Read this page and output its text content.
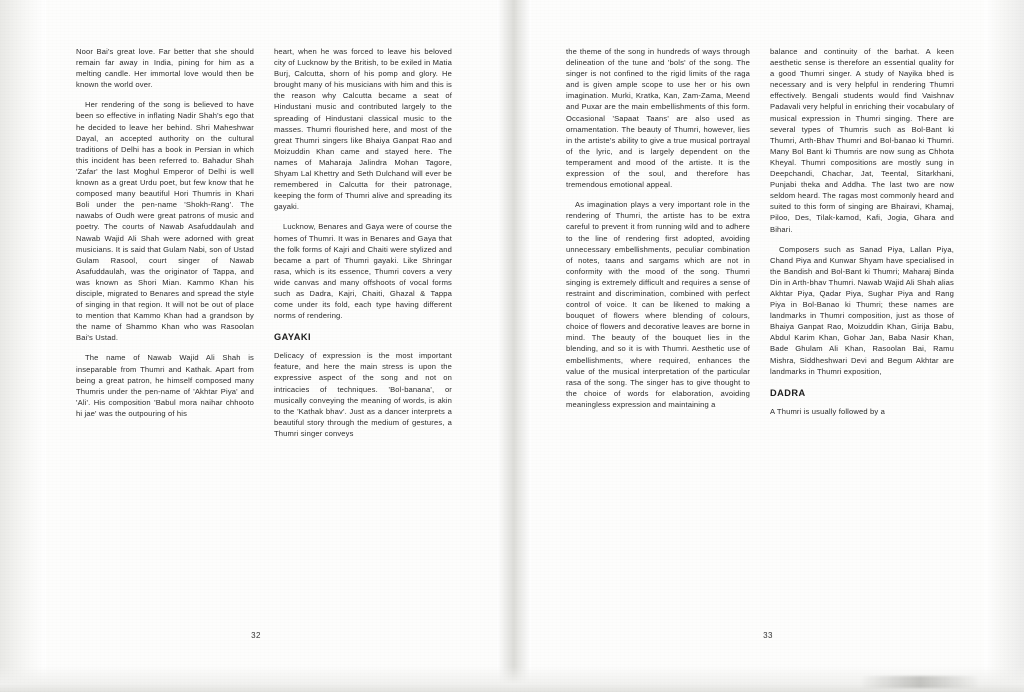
Noor Bai's great love. Far better that she should remain far away in India, pining for him as a melting candle. Her immortal love would then be known the world over.

Her rendering of the song is believed to have been so effective in inflating Nadir Shah's ego that he decided to leave her behind. Shri Maheshwar Dayal, an accepted authority on the cultural traditions of Delhi has a book in Persian in which this incident has been referred to. Bahadur Shah 'Zafar' the last Moghul Emperor of Delhi is well known as a great Urdu poet, but few know that he composed many beautiful Hori Thumris in Khari Boli under the pen-name 'Shokh-Rang'. The nawabs of Oudh were great patrons of music and poetry. The courts of Nawab Asafuddaulah and Nawab Wajid Ali Shah were adorned with great musicians. It is said that Gulam Nabi, son of Ustad Gulam Rasool, court singer of Nawab Asafuddaulah, was the originator of Tappa, and was known as Shori Mian. Kammo Khan his disciple, migrated to Benares and spread the style of singing in that region. It will not be out of place to mention that Kammo Khan had a grandson by the name of Shammo Khan who was Rasoolan Bai's Ustad.

The name of Nawab Wajid Ali Shah is inseparable from Thumri and Kathak. Apart from being a great patron, he himself composed many Thumris under the pen-name of 'Akhtar Piya' and 'Ali'. His composition 'Babul mora naihar chhooto hi jae' was the outpouring of his

heart, when he was forced to leave his beloved city of Lucknow by the British, to be exiled in Matia Burj, Calcutta, shorn of his pomp and glory. He brought many of his musicians with him and this is the reason why Calcutta became a seat of Hindustani music and contributed largely to the spreading of Hindustani classical music to the masses. Thumri flourished here, and most of the great Thumri singers like Bhaiya Ganpat Rao and Moizuddin Khan came and stayed here. The names of Maharaja Jalindra Mohan Tagore, Shyam Lal Khettry and Seth Dulchand will ever be remembered in Calcutta for their patronage, keeping the form of Thumri alive and spreading its gayaki.

Lucknow, Benares and Gaya were of course the homes of Thumri. It was in Benares and Gaya that the folk forms of Kajri and Chaiti were stylized and became a part of Thumri gayaki. Like Shringar rasa, which is its essence, Thumri covers a very wide canvas and many offshoots of vocal forms such as Dadra, Kajri, Chaiti, Ghazal & Tappa come under its fold, each type having different norms of rendering.

GAYAKI

Delicacy of expression is the most important feature, and here the main stress is upon the expressive aspect of the song and not on intricacies of techniques. 'Bol-banana', or musically conveying the meaning of words, is akin to the 'Kathak bhav'. Just as a dancer interprets a beautiful story through the medium of gestures, a Thumri singer conveys

32

the theme of the song in hundreds of ways through delineation of the tune and 'bols' of the song. The singer is not confined to the rigid limits of the raga and is given ample scope to use her or his own imagination. Murki, Kratka, Kan, Zam-Zama, Meend and Puxar are the main embellishments of this form. Occasional 'Sapaat Taans' are also used as ornamentation. The beauty of Thumri, however, lies in the artiste's ability to give a true musical portrayal of the lyric, and is largely dependent on the temperament and mood of the artiste. It is the expression of the soul, and therefore has tremendous emotional appeal.

As imagination plays a very important role in the rendering of Thumri, the artiste has to be extra careful to prevent it from running wild and to adhere to the line of rendering first adopted, avoiding unnecessary embellishments, peculiar combination of notes, taans and sargams which are not in conformity with the mood of the song. Thumri singing is extremely difficult and requires a sense of restraint and discrimination, combined with perfect control of voice. It can be likened to making a bouquet of flowers where blending of colours, choice of flowers and decorative leaves are borne in mind. The beauty of the bouquet lies in the blending, and so it is with Thumri. Aesthetic use of embellishments, where required, enhances the value of the musical interpretation of the particular rasa of the song. The singer has to give thought to the choice of words for elaboration, avoiding meaningless expression and maintaining a

balance and continuity of the barhat. A keen aesthetic sense is therefore an essential quality for a good Thumri singer. A study of Nayika bhed is necessary and is very helpful in rendering Thumri effectively. Bengali students would find Vaishnav Padavali very helpful in enriching their vocabulary of musical expression in Thumri singing. There are several types of Thumris such as Bol-Bant ki Thumri, Arth-Bhav Thumri and Bol-banao ki Thumri. Many Bol Bant ki Thumris are now sung as Chhota Kheyal. Thumri compositions are mostly sung in Deepchandi, Chachar, Jat, Teental, Sitarkhani, Punjabi theka and Addha. The last two are now seldom heard. The ragas most commonly heard and suited to this form of singing are Bhairavi, Khamaj, Piloo, Des, Tilak-kamod, Kafi, Jogia, Ghara and Bihari.

Composers such as Sanad Piya, Lallan Piya, Chand Piya and Kunwar Shyam have specialised in the Bandish and Bol-Bant ki Thumri; Maharaj Binda Din in Arth-bhav Thumri. Nawab Wajid Ali Shah alias Akhtar Piya, Qadar Piya, Sughar Piya and Rang Piya in Bol-Banao ki Thumri; these names are landmarks in Thumri composition, just as those of Bhaiya Ganpat Rao, Moizuddin Khan, Girija Babu, Abdul Karim Khan, Gohar Jan, Baba Nasir Khan, Bade Ghulam Ali Khan, Rasoolan Bai, Ramu Mishra, Siddheshwari Devi and Begum Akhtar are landmarks in Thumri exposition,

DADRA

A Thumri is usually followed by a

33
